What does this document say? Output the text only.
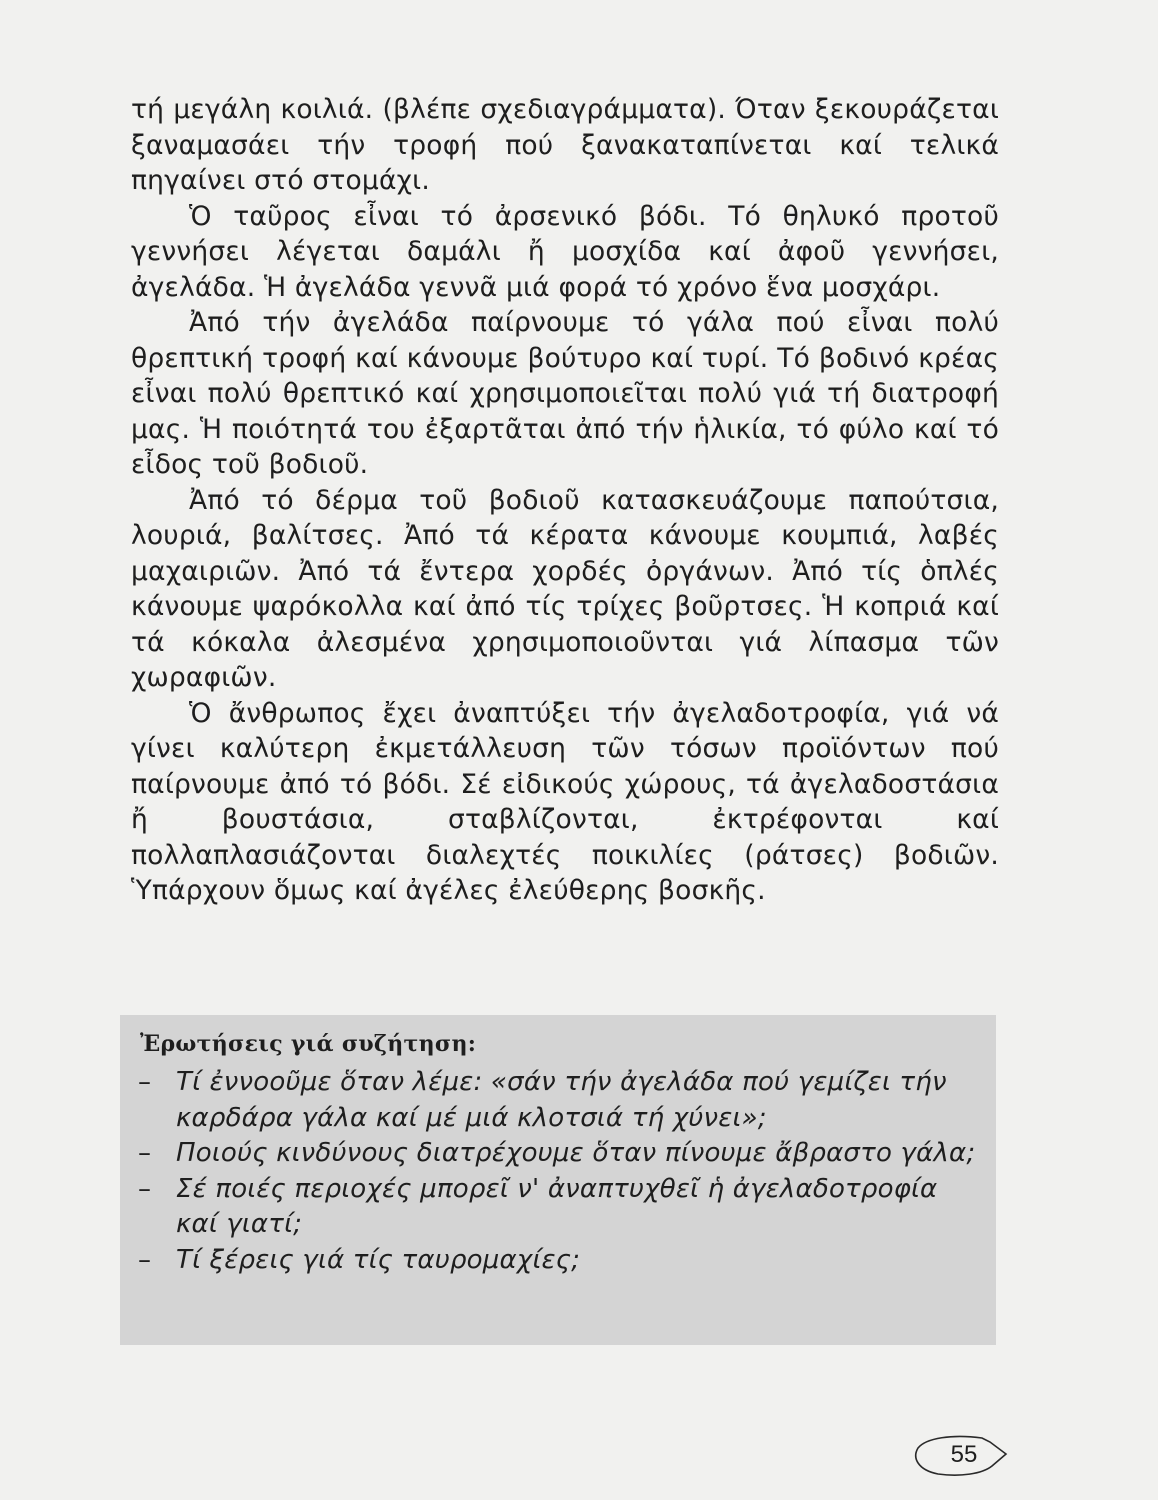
τή μεγάλη κοιλιά. (βλέπε σχεδιαγράμματα). Όταν ξεκουράζεται ξαναμασάει τήν τροφή πού ξανακαταπίνεται καί τελικά πηγαίνει στό στομάχι.

Ὁ ταῦρος εἶναι τό ἀρσενικό βόδι. Τό θηλυκό προτοῦ γεννήσει λέγεται δαμάλι ἤ μοσχίδα καί ἀφοῦ γεννήσει, ἀγελάδα. Ἡ ἀγελάδα γεννᾶ μιά φορά τό χρόνο ἕνα μοσχάρι.

Ἀπό τήν ἀγελάδα παίρνουμε τό γάλα πού εἶναι πολύ θρεπτική τροφή καί κάνουμε βούτυρο καί τυρί. Τό βοδινό κρέας εἶναι πολύ θρεπτικό καί χρησιμοποιεῖται πολύ γιά τή διατροφή μας. Ἡ ποιότητά του ἐξαρτᾶται ἀπό τήν ἡλικία, τό φύλο καί τό εἶδος τοῦ βοδιοῦ.

Ἀπό τό δέρμα τοῦ βοδιοῦ κατασκευάζουμε παπούτσια, λουριά, βαλίτσες. Ἀπό τά κέρατα κάνουμε κουμπιά, λαβές μαχαιριῶν. Ἀπό τά ἔντερα χορδές ὀργάνων. Ἀπό τίς ὁπλές κάνουμε ψαρόκολλα καί ἀπό τίς τρίχες βοῦρτσες. Ἡ κοπριά καί τά κόκαλα ἀλεσμένα χρησιμοποιοῦνται γιά λίπασμα τῶν χωραφιῶν.

Ὁ ἄνθρωπος ἔχει ἀναπτύξει τήν ἀγελαδοτροφία, γιά νά γίνει καλύτερη ἐκμετάλλευση τῶν τόσων προϊόντων πού παίρνουμε ἀπό τό βόδι. Σέ εἰδικούς χώρους, τά ἀγελαδοστάσια ἤ βουστάσια, σταβλίζονται, ἐκτρέφονται καί πολλαπλασιάζονται διαλεχτές ποικιλίες (ράτσες) βοδιῶν. Ὑπάρχουν ὅμως καί ἀγέλες ἐλεύθερης βοσκῆς.

Ἐρωτήσεις γιά συζήτηση:
– Τί ἐννοοῦμε ὅταν λέμε: «σάν τήν ἀγελάδα πού γεμίζει τήν καρδάρα γάλα καί μέ μιά κλοτσιά τή χύνει»;
– Ποιούς κινδύνους διατρέχουμε ὅταν πίνουμε ἄβραστο γάλα;
– Σέ ποιές περιοχές μπορεῖ ν' ἀναπτυχθεῖ ἡ ἀγελαδοτροφία καί γιατί;
– Τί ξέρεις γιά τίς ταυρομαχίες;
55
